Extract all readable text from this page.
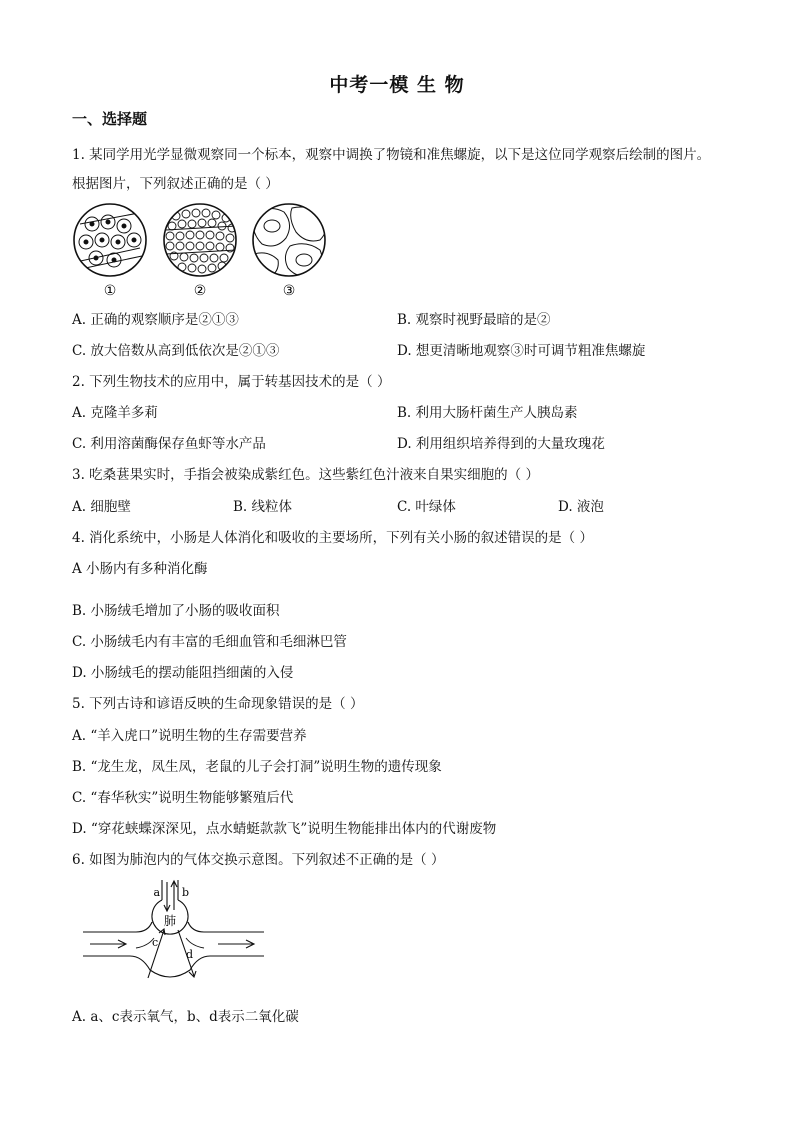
中考一模 生 物
一、选择题
1. 某同学用光学显微观察同一个标本，观察中调换了物镜和准焦螺旋，以下是这位同学观察后绘制的图片。
根据图片，下列叙述正确的是（ ）
①	②	③
A. 正确的观察顺序是②①③	B. 观察时视野最暗的是②
C. 放大倍数从高到低依次是②①③	D. 想更清晰地观察③时可调节粗准焦螺旋
2. 下列生物技术的应用中，属于转基因技术的是（ ）
A. 克隆羊多莉	B. 利用大肠杆菌生产人胰岛素
C. 利用溶菌酶保存鱼虾等水产品	D. 利用组织培养得到的大量玫瑰花
3. 吃桑葚果实时，手指会被染成紫红色。这些紫红色汁液来自果实细胞的（ ）
A. 细胞壁	B. 线粒体	C. 叶绿体	D. 液泡
4. 消化系统中，小肠是人体消化和吸收的主要场所，下列有关小肠的叙述错误的是（ ）
A 小肠内有多种消化酶
B. 小肠绒毛增加了小肠的吸收面积
C. 小肠绒毛内有丰富的毛细血管和毛细淋巴管
D. 小肠绒毛的摆动能阻挡细菌的入侵
5. 下列古诗和谚语反映的生命现象错误的是（ ）
A. “羊入虎口”说明生物的生存需要营养
B. “龙生龙，凤生凤，老鼠的儿子会打洞”说明生物的遗传现象
C. “春华秋实”说明生物能够繁殖后代
D. “穿花蛱蝶深深见，点水蜻蜓款款飞”说明生物能排出体内的代谢废物
6. 如图为肺泡内的气体交换示意图。下列叙述不正确的是（ ）
a b
肺
c
d
A. a、c表示氧气，b、d表示二氧化碳
